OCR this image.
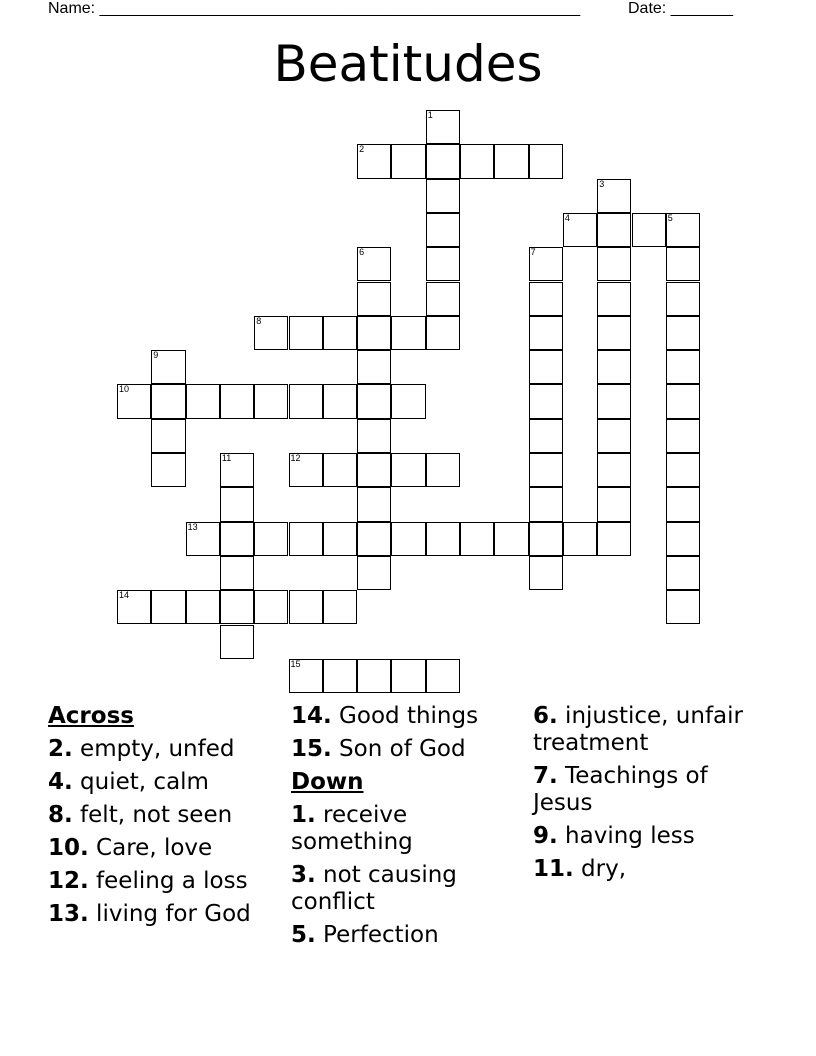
Name: ______________________________________________________	Date: _______
Beatitudes
1
2
3
4	5
6	7
8
9
10
11	12
13
14
15
Across
2. empty, unfed
4. quiet, calm
8. felt, not seen
10. Care, love
12. feeling a loss
13. living for God
14. Good things
15. Son of God
Down
1. receive something
3. not causing conflict
5. Perfection
6. injustice, unfair treatment
7. Teachings of Jesus
9. having less
11. dry,
